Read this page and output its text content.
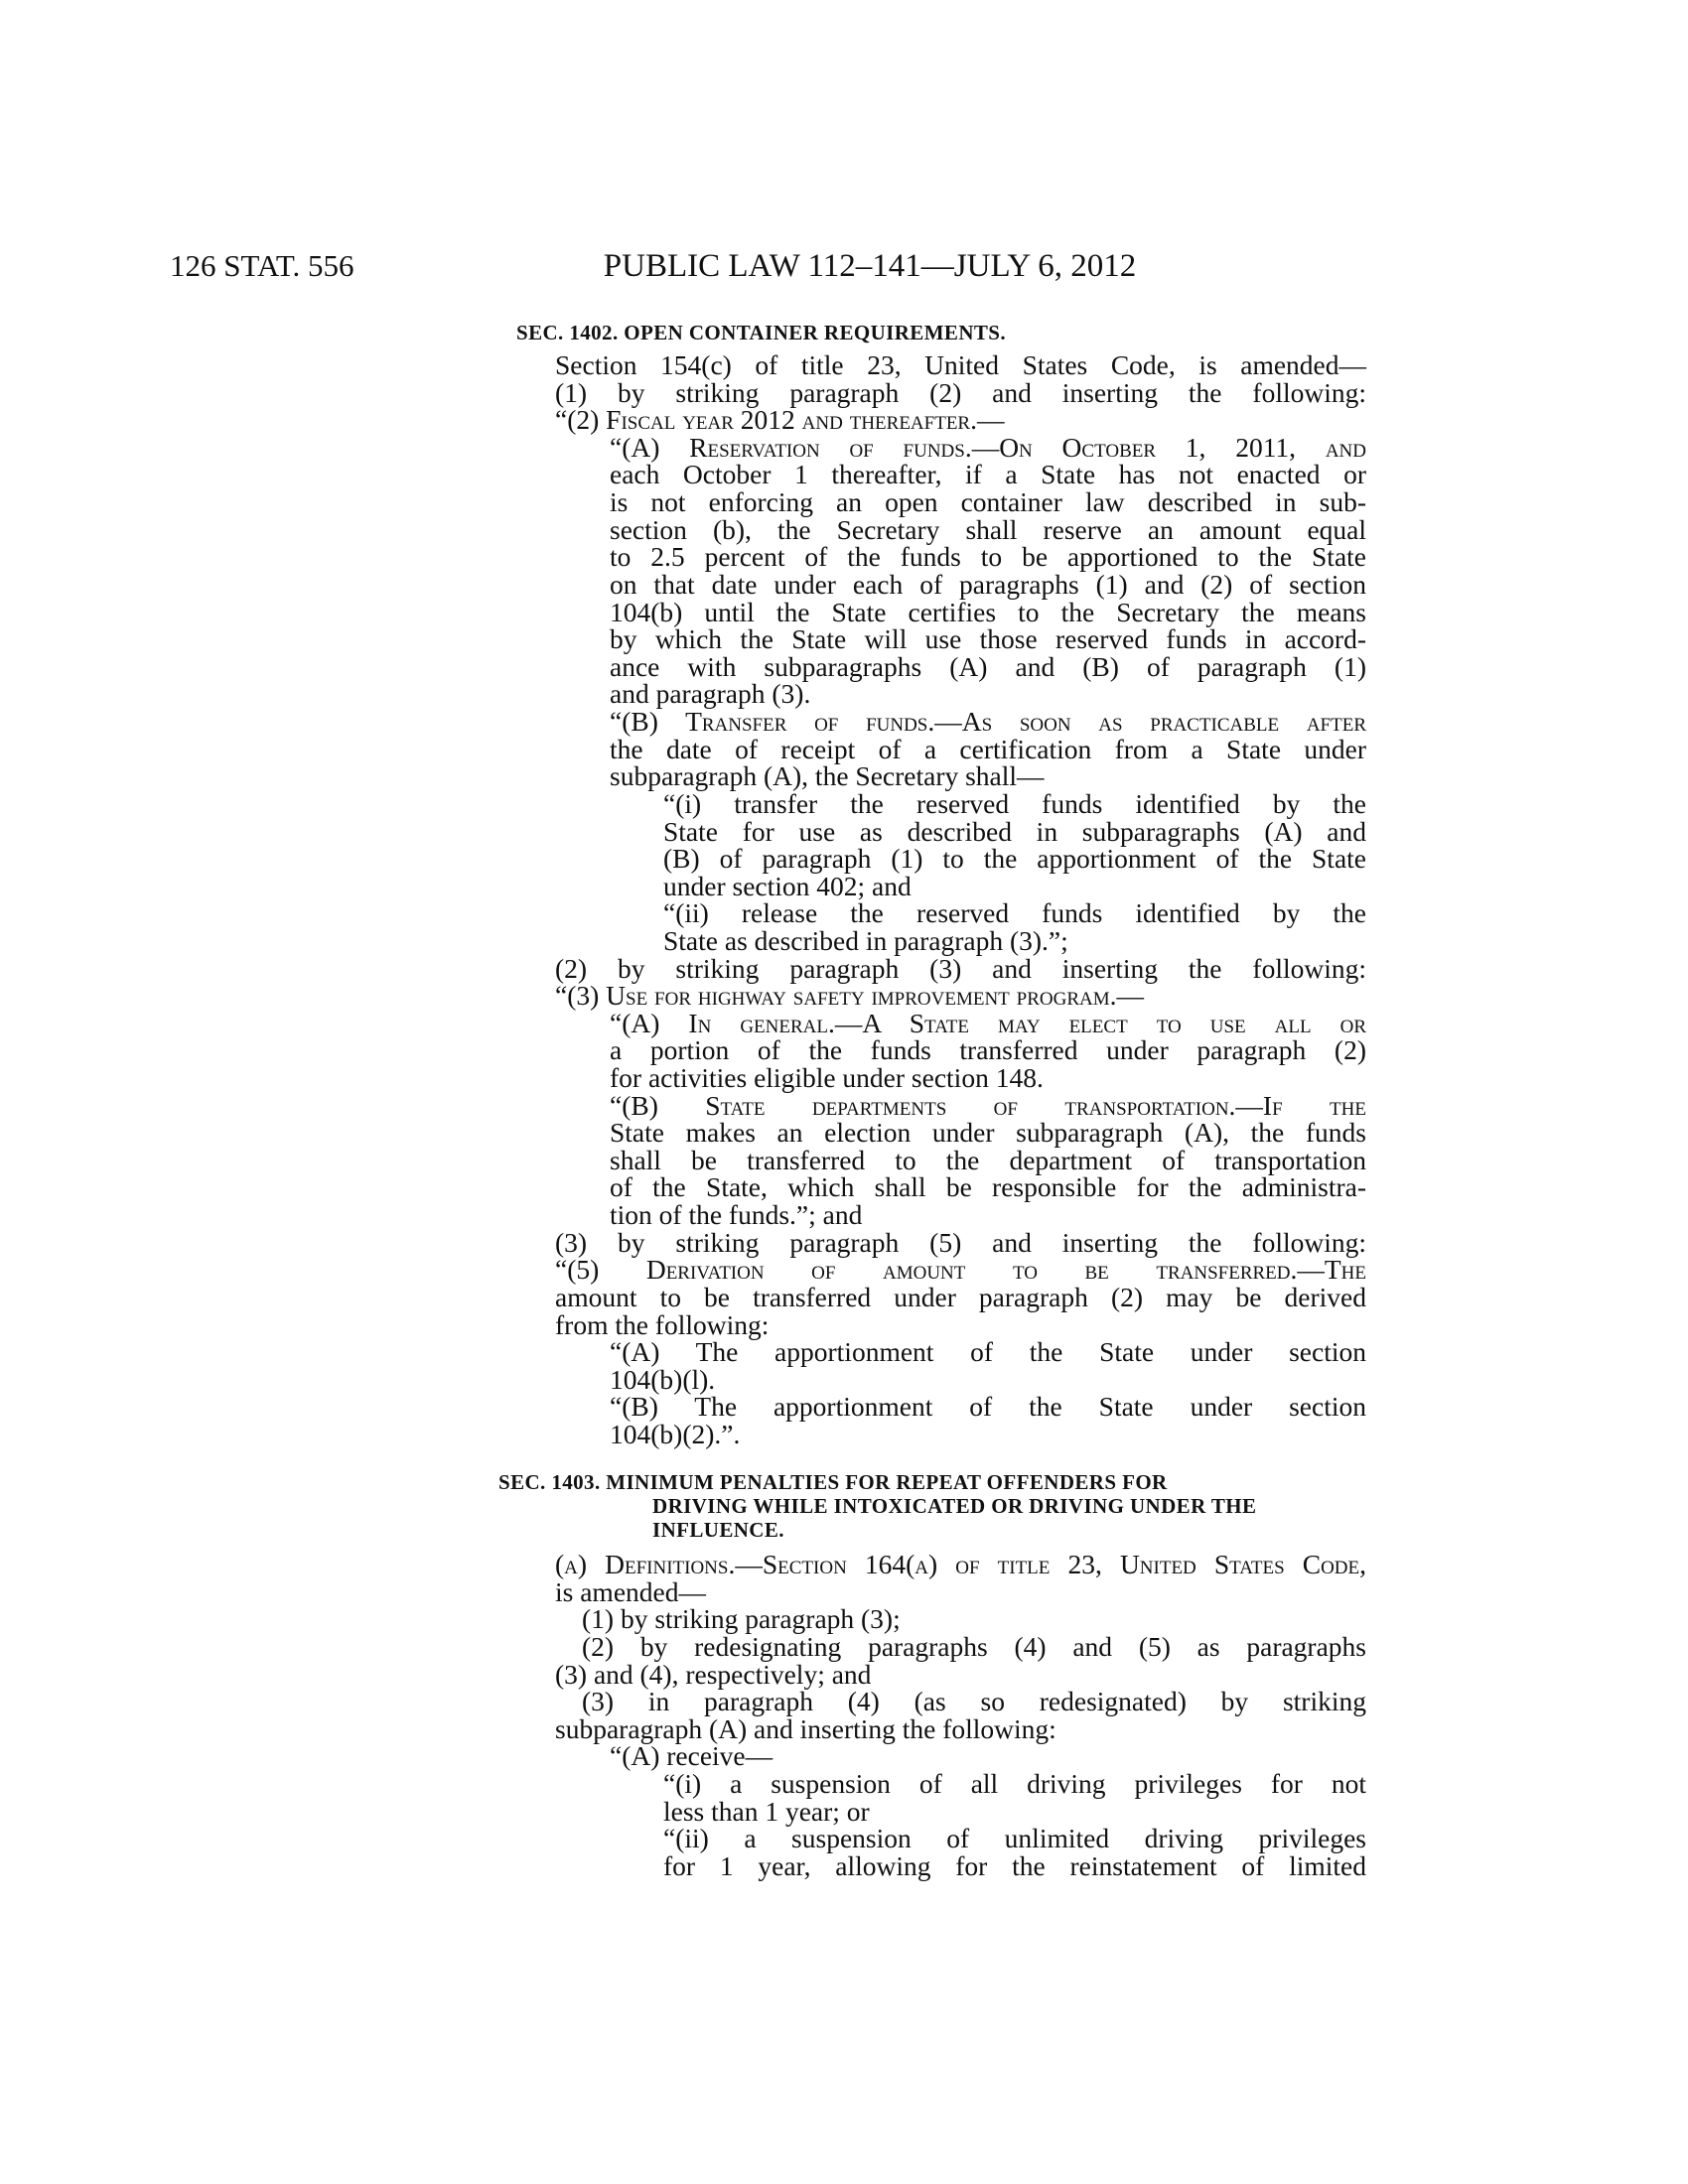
126 STAT. 556	PUBLIC LAW 112–141—JULY 6, 2012
SEC. 1402. OPEN CONTAINER REQUIREMENTS.
Section 154(c) of title 23, United States Code, is amended—
(1) by striking paragraph (2) and inserting the following:
“(2) Fiscal year 2012 and thereafter.—
“(A) Reservation of funds.—On October 1, 2011, and
each October 1 thereafter, if a State has not enacted or
is not enforcing an open container law described in sub-
section (b), the Secretary shall reserve an amount equal
to 2.5 percent of the funds to be apportioned to the State
on that date under each of paragraphs (1) and (2) of section
104(b) until the State certifies to the Secretary the means
by which the State will use those reserved funds in accord-
ance with subparagraphs (A) and (B) of paragraph (1)
and paragraph (3).
“(B) Transfer of funds.—As soon as practicable after
the date of receipt of a certification from a State under
subparagraph (A), the Secretary shall—
“(i) transfer the reserved funds identified by the
State for use as described in subparagraphs (A) and
(B) of paragraph (1) to the apportionment of the State
under section 402; and
“(ii) release the reserved funds identified by the
State as described in paragraph (3).”;
(2) by striking paragraph (3) and inserting the following:
“(3) Use for highway safety improvement program.—
“(A) In general.—A State may elect to use all or
a portion of the funds transferred under paragraph (2)
for activities eligible under section 148.
“(B) State departments of transportation.—If the
State makes an election under subparagraph (A), the funds
shall be transferred to the department of transportation
of the State, which shall be responsible for the administra-
tion of the funds.”; and
(3) by striking paragraph (5) and inserting the following:
“(5) Derivation of amount to be transferred.—The
amount to be transferred under paragraph (2) may be derived
from the following:
“(A) The apportionment of the State under section
104(b)(l).
“(B) The apportionment of the State under section
104(b)(2).”.
SEC. 1403. MINIMUM PENALTIES FOR REPEAT OFFENDERS FOR
DRIVING WHILE INTOXICATED OR DRIVING UNDER THE
INFLUENCE.
(a) Definitions.—Section 164(a) of title 23, United States Code,
is amended—
(1) by striking paragraph (3);
(2) by redesignating paragraphs (4) and (5) as paragraphs
(3) and (4), respectively; and
(3) in paragraph (4) (as so redesignated) by striking
subparagraph (A) and inserting the following:
“(A) receive—
“(i) a suspension of all driving privileges for not
less than 1 year; or
“(ii) a suspension of unlimited driving privileges
for 1 year, allowing for the reinstatement of limited
